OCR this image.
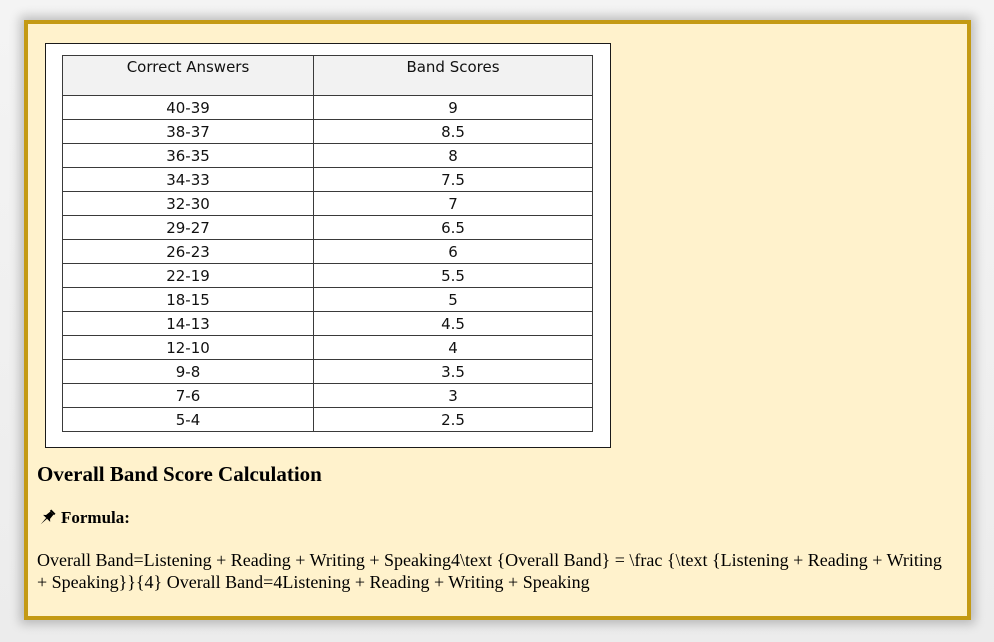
Correct Answers	Band Scores
40-39	9
38-37	8.5
36-35	8
34-33	7.5
32-30	7
29-27	6.5
26-23	6
22-19	5.5
18-15	5
14-13	4.5
12-10	4
9-8	3.5
7-6	3
5-4	2.5
Overall Band Score Calculation
Formula:

Overall Band=Listening + Reading + Writing + Speaking4\text {Overall Band} = \frac {\text {Listening + Reading + Writing + Speaking}}{4} Overall Band=4Listening + Reading + Writing + Speaking
